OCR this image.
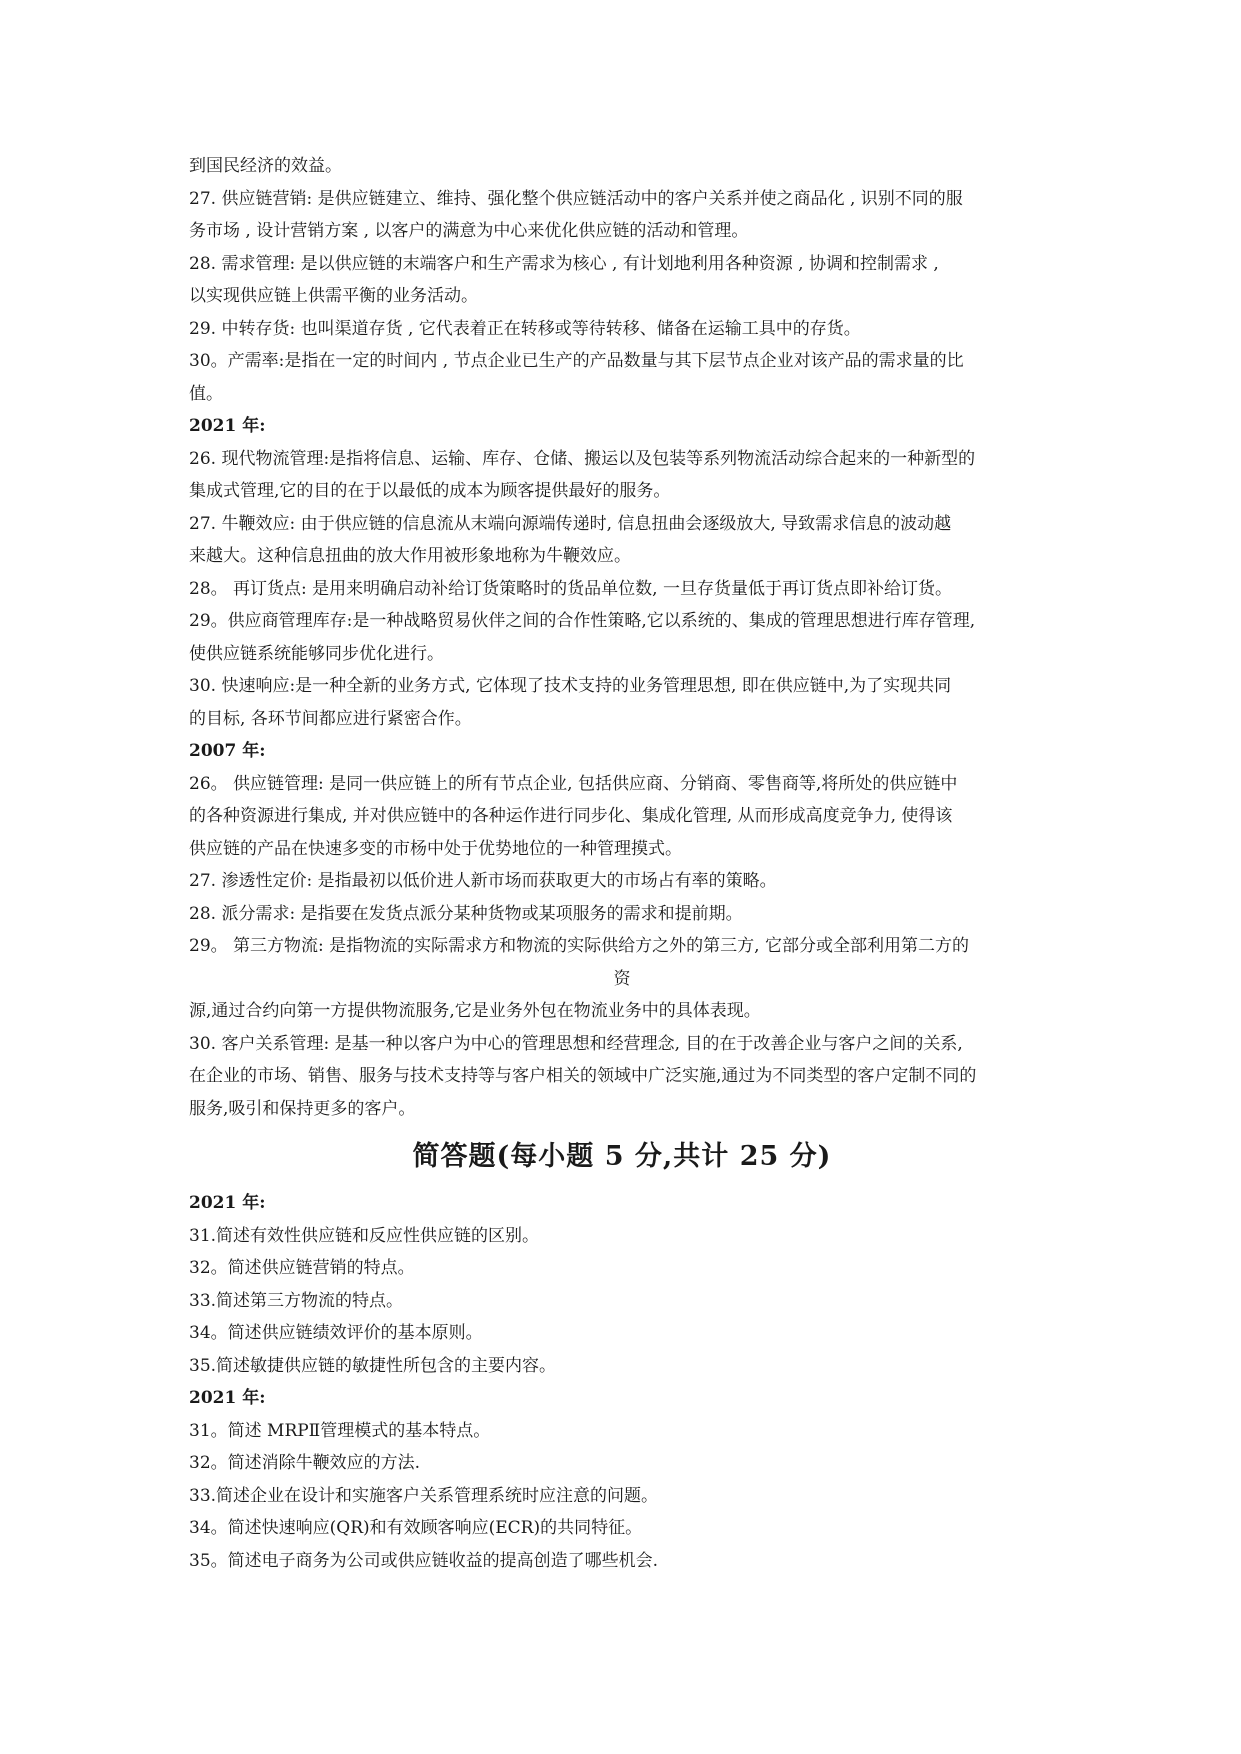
到国民经济的效益。

27. 供应链营销: 是供应链建立、维持、强化整个供应链活动中的客户关系并使之商品化 , 识别不同的服

务市场 , 设计营销方案 , 以客户的满意为中心来优化供应链的活动和管理。

28. 需求管理: 是以供应链的末端客户和生产需求为核心 , 有计划地利用各种资源 , 协调和控制需求 ,

以实现供应链上供需平衡的业务活动。

29. 中转存货: 也叫渠道存货 , 它代表着正在转移或等待转移、储备在运输工具中的存货。

30。产需率:是指在一定的时间内 , 节点企业已生产的产品数量与其下层节点企业对该产品的需求量的比

值。

2021 年:

26. 现代物流管理:是指将信息、运输、库存、仓储、搬运以及包装等系列物流活动综合起来的一种新型的

集成式管理,它的目的在于以最低的成本为顾客提供最好的服务。

27. 牛鞭效应: 由于供应链的信息流从末端向源端传递时, 信息扭曲会逐级放大, 导致需求信息的波动越

来越大。这种信息扭曲的放大作用被形象地称为牛鞭效应。

28。 再订货点: 是用来明确启动补给订货策略时的货品单位数, 一旦存货量低于再订货点即补给订货。

29。供应商管理库存:是一种战略贸易伙伴之间的合作性策略,它以系统的、集成的管理思想进行库存管理,

使供应链系统能够同步优化进行。

30. 快速响应:是一种全新的业务方式, 它体现了技术支持的业务管理思想, 即在供应链中,为了实现共同

的目标, 各环节间都应进行紧密合作。

2007 年:

26。 供应链管理: 是同一供应链上的所有节点企业, 包括供应商、分销商、零售商等,将所处的供应链中

的各种资源进行集成, 并对供应链中的各种运作进行同步化、集成化管理, 从而形成高度竞争力, 使得该

供应链的产品在快速多变的市杨中处于优势地位的一种管理摸式。

27. 渗透性定价: 是指最初以低价进人新市场而获取更大的市场占有率的策略。

28. 派分需求: 是指要在发货点派分某种货物或某项服务的需求和提前期。

29。 第三方物流: 是指物流的实际需求方和物流的实际供给方之外的第三方, 它部分或全部利用第二方的

资

源,通过合约向第一方提供物流服务,它是业务外包在物流业务中的具体表现。

30. 客户关系管理: 是基一种以客户为中心的管理思想和经营理念, 目的在于改善企业与客户之间的关系,

在企业的市场、销售、服务与技术支持等与客户相关的领域中广泛实施,通过为不同类型的客户定制不同的

服务,吸引和保持更多的客户。

简答题(每小题 5 分,共计 25 分)

2021 年:

31.简述有效性供应链和反应性供应链的区别。

32。简述供应链营销的特点。

33.简述第三方物流的特点。

34。简述供应链绩效评价的基本原则。

35.简述敏捷供应链的敏捷性所包含的主要内容。

2021 年:

31。简述 MRPⅡ管理模式的基本特点。

32。简述消除牛鞭效应的方法.

33.简述企业在设计和实施客户关系管理系统时应注意的问题。

34。简述快速响应(QR)和有效顾客响应(ECR)的共同特征。

35。简述电子商务为公司或供应链收益的提高创造了哪些机会.
